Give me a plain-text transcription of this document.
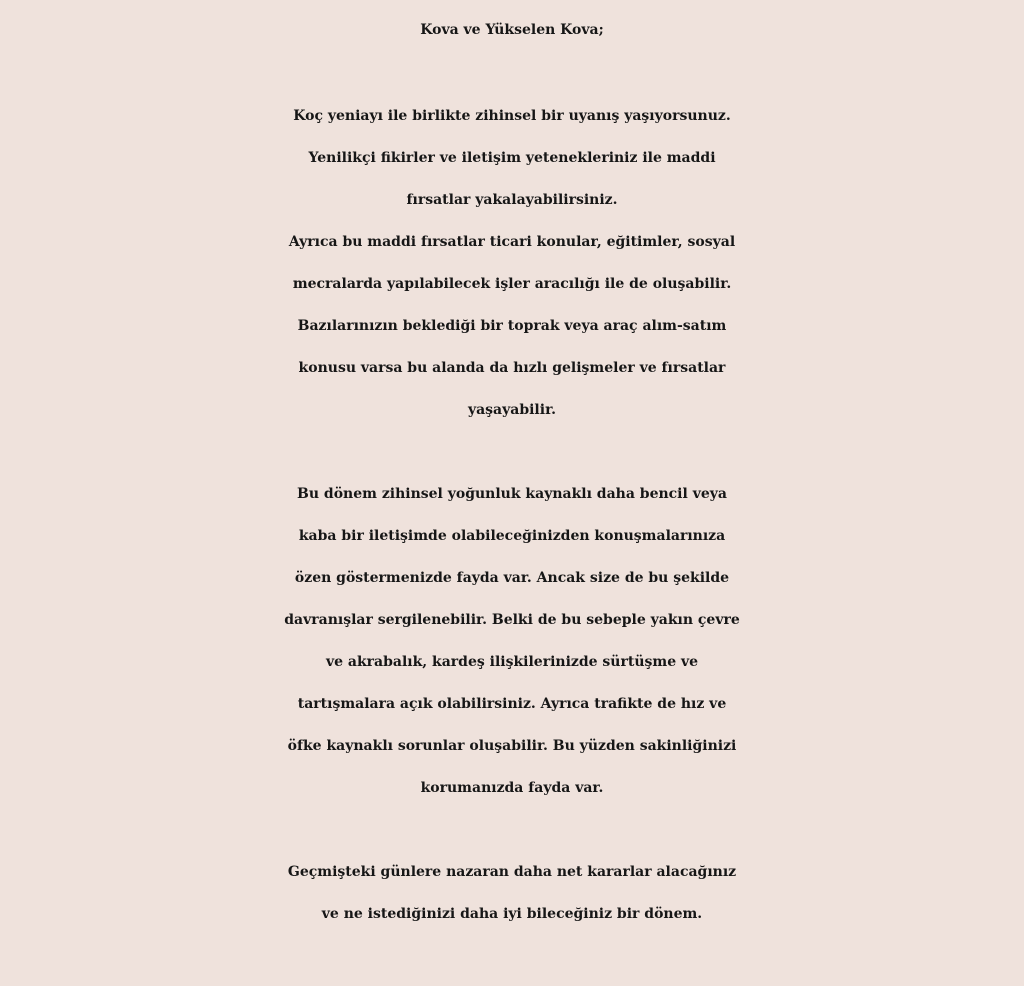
Kova ve Yükselen Kova;
Koç yeniayı ile birlikte zihinsel bir uyanış yaşıyorsunuz.
Yenilikçi fikirler ve iletişim yetenekleriniz ile maddi
fırsatlar yakalayabilirsiniz.
Ayrıca bu maddi fırsatlar ticari konular, eğitimler, sosyal
mecralarda yapılabilecek işler aracılığı ile de oluşabilir.
Bazılarınızın beklediği bir toprak veya araç alım-satım
konusu varsa bu alanda da hızlı gelişmeler ve fırsatlar
yaşayabilir.
Bu dönem zihinsel yoğunluk kaynaklı daha bencil veya
kaba bir iletişimde olabileceğinizden konuşmalarınıza
özen göstermenizde fayda var. Ancak size de bu şekilde
davranışlar sergilenebilir. Belki de bu sebeple yakın çevre
ve akrabalık, kardeş ilişkilerinizde sürtüşme ve
tartışmalara açık olabilirsiniz. Ayrıca trafikte de hız ve
öfke kaynaklı sorunlar oluşabilir. Bu yüzden sakinliğinizi
korumanızda fayda var.
Geçmişteki günlere nazaran daha net kararlar alacağınız
ve ne istediğinizi daha iyi bileceğiniz bir dönem.
